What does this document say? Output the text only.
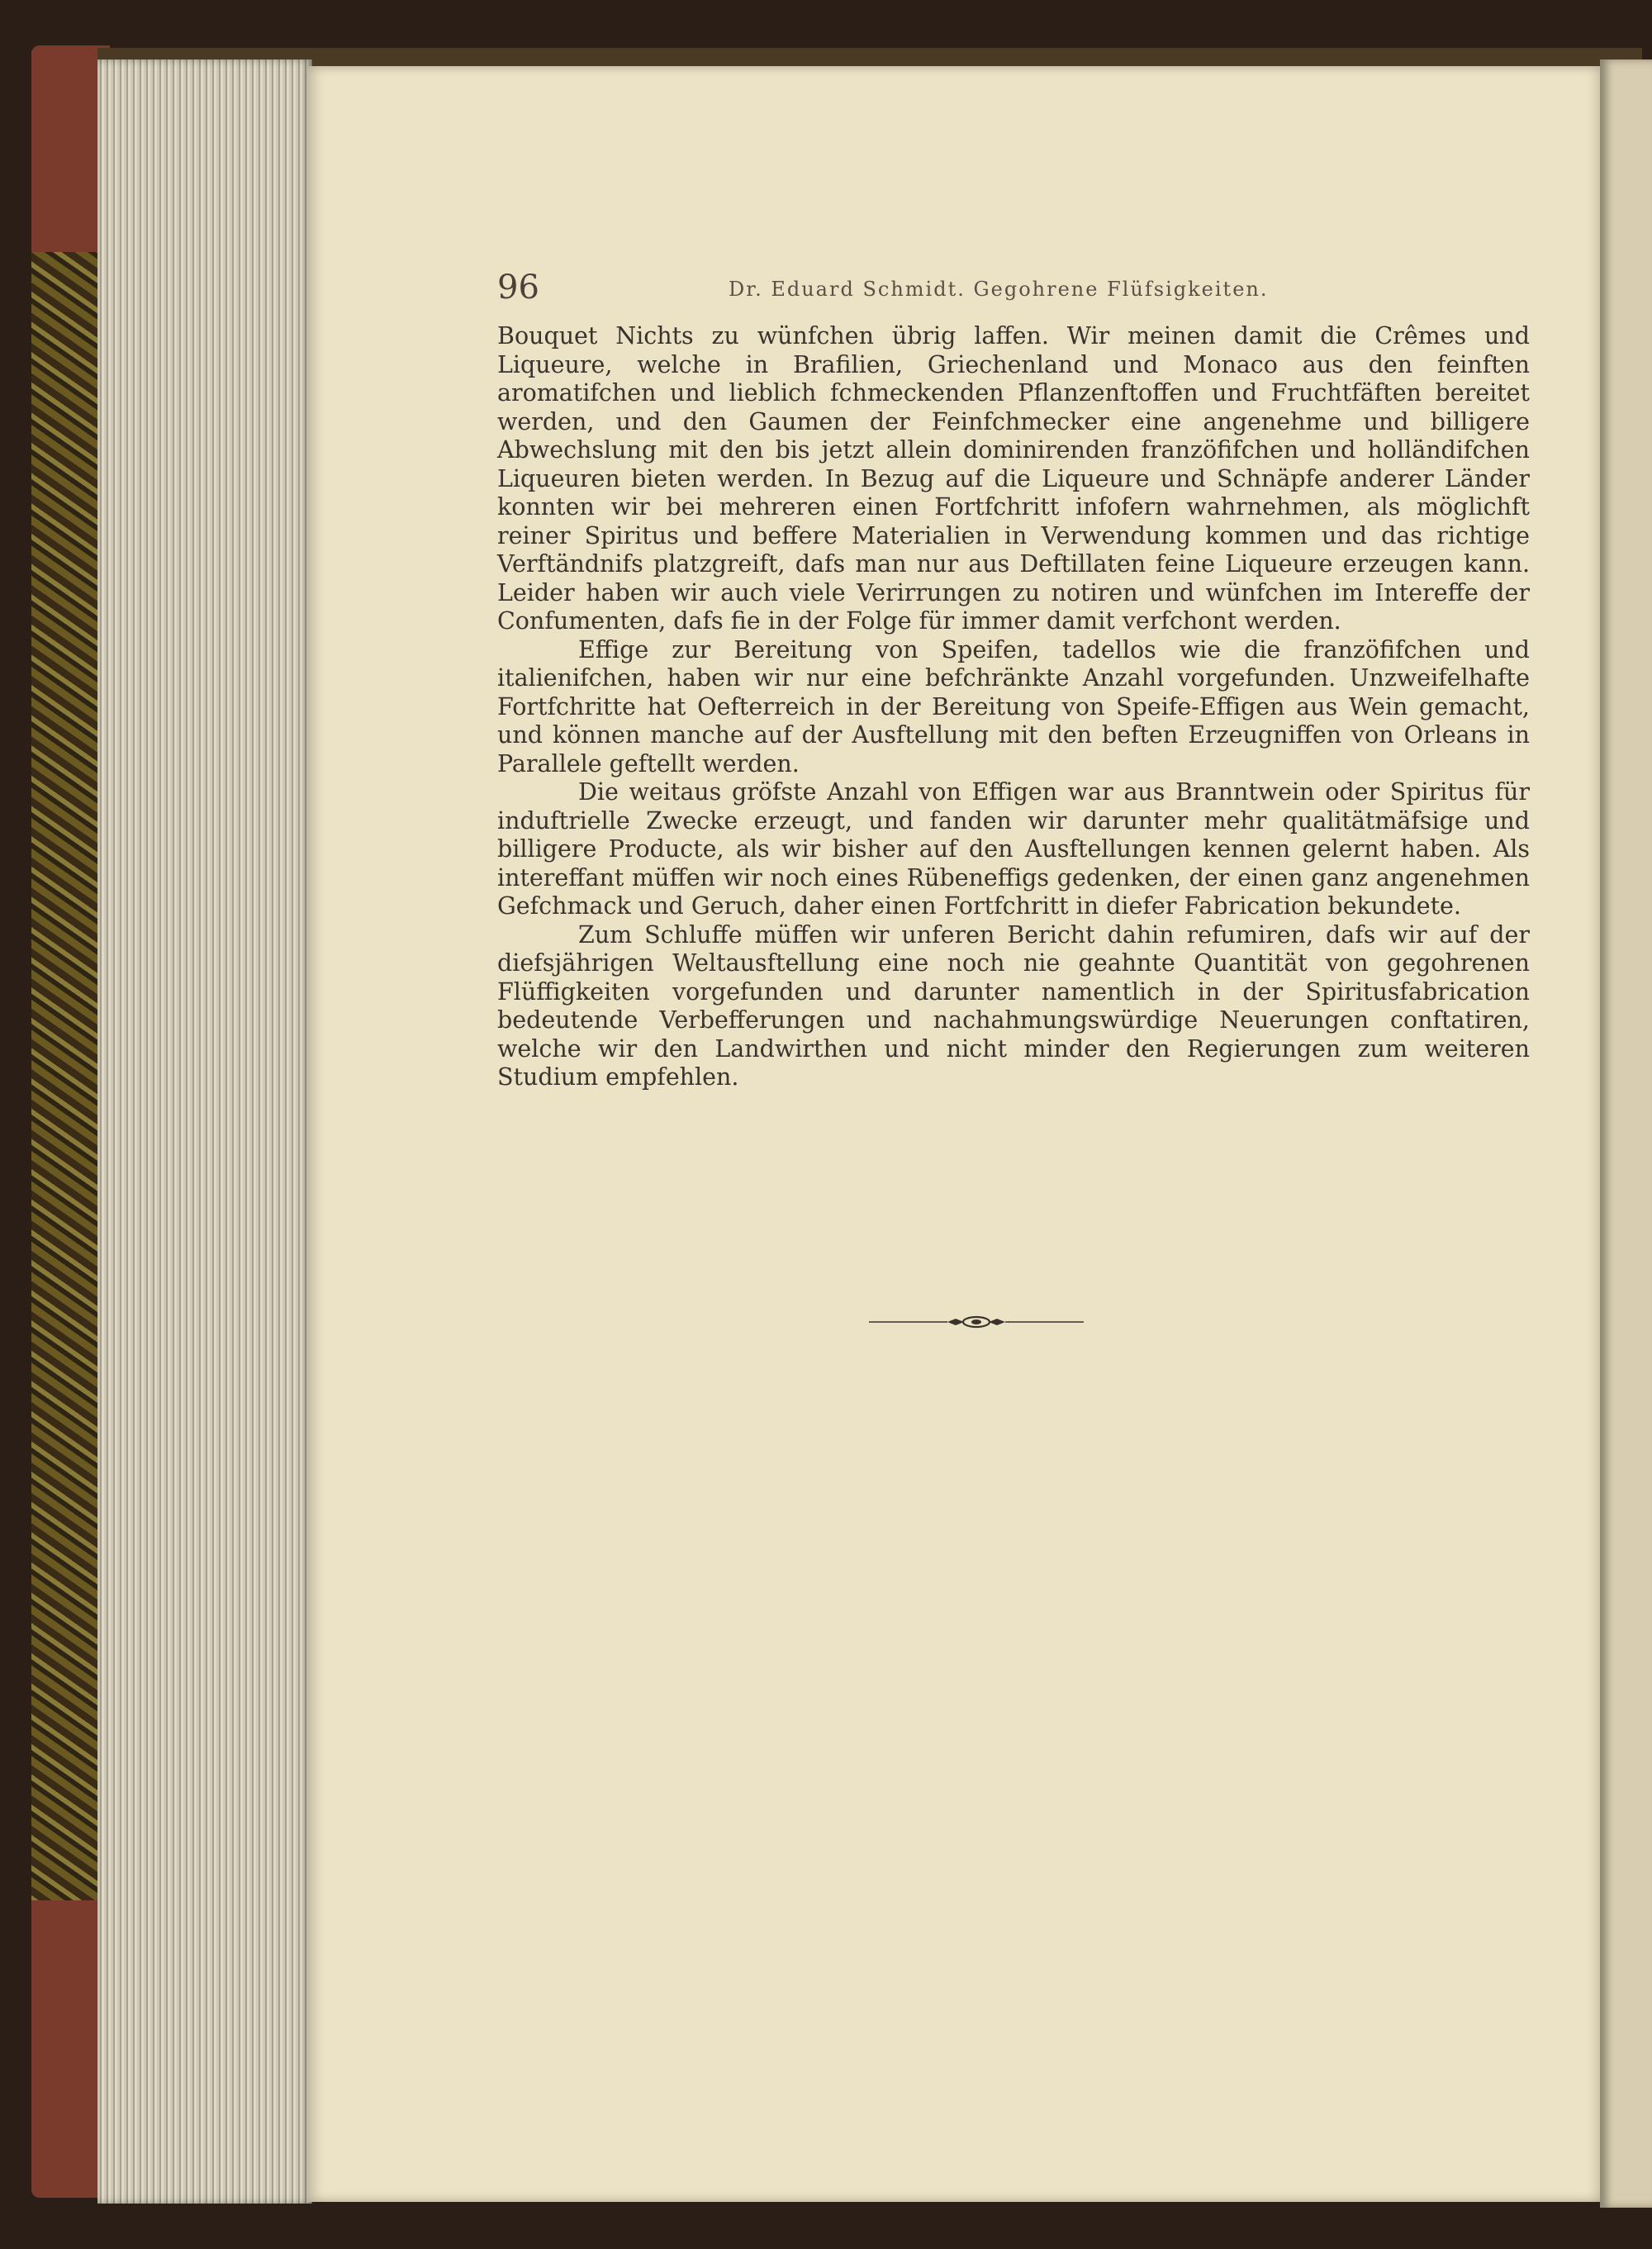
96	Dr. Eduard Schmidt. Gegohrene Flüfsigkeiten.

Bouquet Nichts zu wünfchen übrig laffen. Wir meinen damit die Crêmes und Liqueure, welche in Brafilien, Griechenland und Monaco aus den feinften aromatifchen und lieblich fchmeckenden Pflanzenftoffen und Fruchtfäften bereitet werden, und den Gaumen der Feinfchmecker eine angenehme und billigere Abwechslung mit den bis jetzt allein dominirenden franzöfifchen und holländifchen Liqueuren bieten werden. In Bezug auf die Liqueure und Schnäpfe anderer Länder konnten wir bei mehreren einen Fortfchritt infofern wahrnehmen, als möglichft reiner Spiritus und beffere Materialien in Verwendung kommen und das richtige Verftändnifs platzgreift, dafs man nur aus Deftillaten feine Liqueure erzeugen kann. Leider haben wir auch viele Verirrungen zu notiren und wünfchen im Intereffe der Confumenten, dafs fie in der Folge für immer damit verfchont werden.

Effige zur Bereitung von Speifen, tadellos wie die franzöfifchen und italienifchen, haben wir nur eine befchränkte Anzahl vorgefunden. Unzweifelhafte Fortfchritte hat Oefterreich in der Bereitung von Speife-Effigen aus Wein gemacht, und können manche auf der Ausftellung mit den beften Erzeugniffen von Orleans in Parallele geftellt werden.

Die weitaus gröfste Anzahl von Effigen war aus Branntwein oder Spiritus für induftrielle Zwecke erzeugt, und fanden wir darunter mehr qualitätmäfsige und billigere Producte, als wir bisher auf den Ausftellungen kennen gelernt haben. Als intereffant müffen wir noch eines Rübeneffigs gedenken, der einen ganz angenehmen Gefchmack und Geruch, daher einen Fortfchritt in diefer Fabrication bekundete.

Zum Schluffe müffen wir unferen Bericht dahin refumiren, dafs wir auf der diefsjährigen Weltausftellung eine noch nie geahnte Quantität von gegohrenen Flüffigkeiten vorgefunden und darunter namentlich in der Spiritusfabrication bedeutende Verbefferungen und nachahmungswürdige Neuerungen conftatiren, welche wir den Landwirthen und nicht minder den Regierungen zum weiteren Studium empfehlen.
